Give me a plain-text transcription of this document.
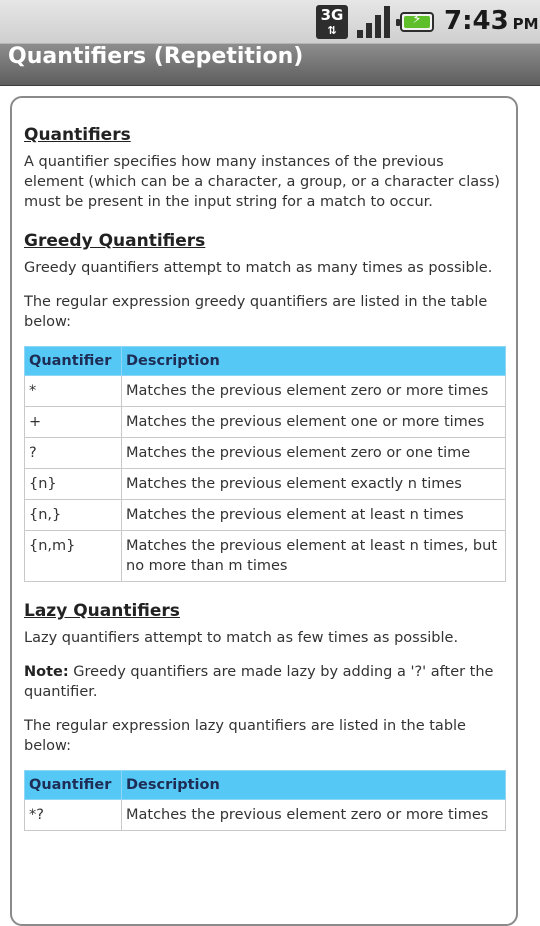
3G
⇅
⚡ 7:43 PM
Quantifiers (Repetition)
Quantifiers

A quantifier specifies how many instances of the previous element (which can be a character, a group, or a character class) must be present in the input string for a match to occur.

Greedy Quantifiers

Greedy quantifiers attempt to match as many times as possible.

The regular expression greedy quantifiers are listed in the table below:

Quantifier	Description
*	Matches the previous element zero or more times
+	Matches the previous element one or more times
?	Matches the previous element zero or one time
{n}	Matches the previous element exactly n times
{n,}	Matches the previous element at least n times
{n,m}	Matches the previous element at least n times, but no more than m times
Lazy Quantifiers

Lazy quantifiers attempt to match as few times as possible.

Note: Greedy quantifiers are made lazy by adding a '?' after the quantifier.

The regular expression lazy quantifiers are listed in the table below:

Quantifier	Description
*?	Matches the previous element zero or more times
